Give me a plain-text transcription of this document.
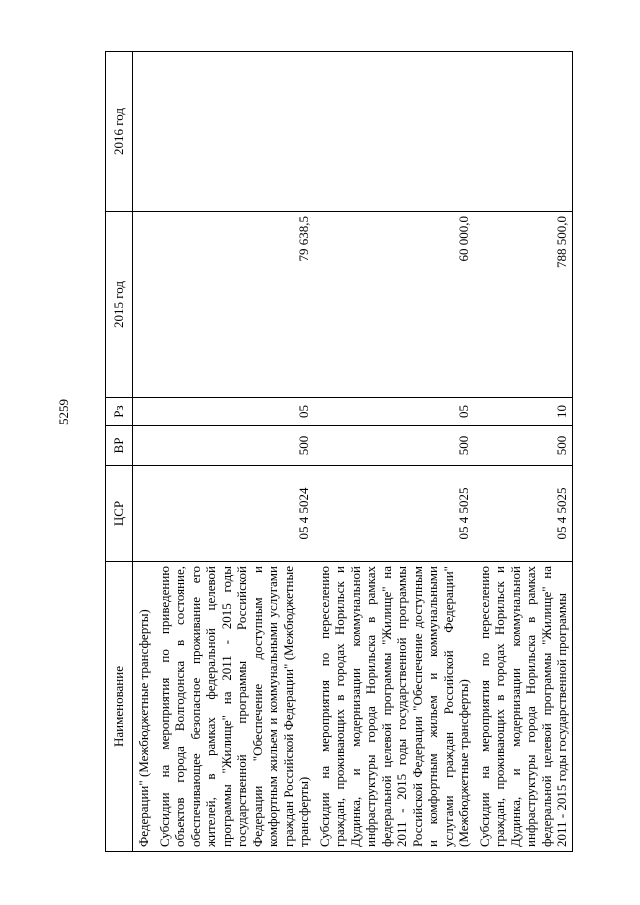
5259
Наименование	ЦСР	ВР	Рз	2015 год	2016 год
Федерации" (Межбюджетные трансферты)					
Субсидии на мероприятия по приведению объектов города Волгодонска в состояние, обеспечивающее безопасное проживание его жителей, в рамках федеральной целевой программы "Жилище" на 2011 - 2015 годы государственной программы Российской Федерации "Обеспечение доступным и комфортным жильем и коммунальными услугами граждан Российской Федерации" (Межбюджетные трансферты)	05 4 5024	500	05	79 638,5	
Субсидии на мероприятия по переселению граждан, проживающих в городах Норильск и Дудинка, и модернизации коммунальной инфраструктуры города Норильска в рамках федеральной целевой программы "Жилище" на 2011 - 2015 годы государственной программы Российской Федерации "Обеспечение доступным и комфортным жильем и коммунальными услугами граждан Российской Федерации" (Межбюджетные трансферты)	05 4 5025	500	05	60 000,0	
Субсидии на мероприятия по переселению граждан, проживающих в городах Норильск и Дудинка, и модернизации коммунальной инфраструктуры города Норильска в рамках федеральной целевой программы "Жилище" на 2011 - 2015 годы государственной программы	05 4 5025	500	10	788 500,0	
